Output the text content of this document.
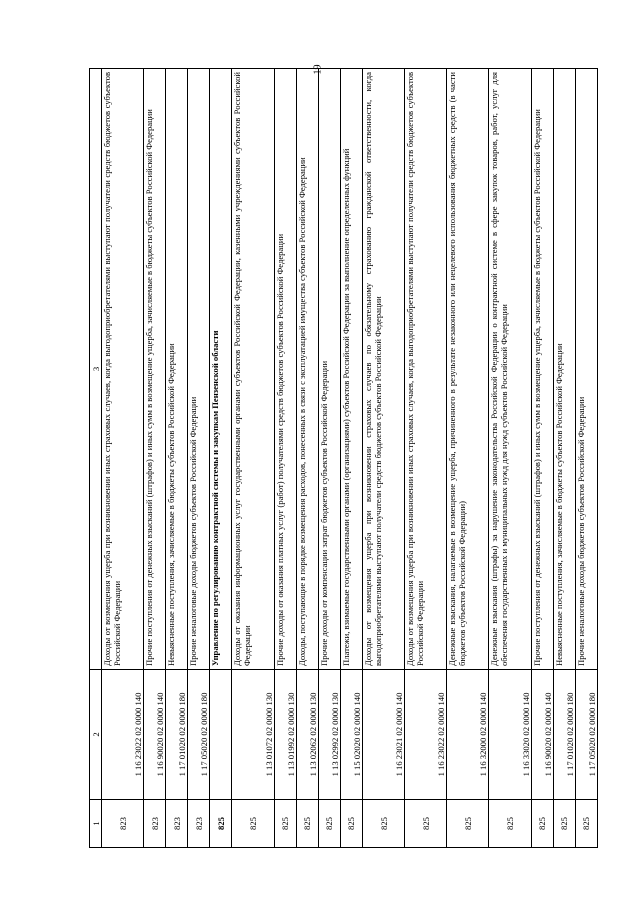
19
1	2	3
823	1 16 23022 02 0000 140	Доходы от возмещения ущерба при возникновении иных страховых случаев, когда выгодоприобретателями выступают получатели средств бюджетов субъектов Российской Федерации
823	1 16 90020 02 0000 140	Прочие поступления от денежных взысканий (штрафов) и иных сумм в возмещение ущерба, зачисляемые в бюджеты субъектов Российской Федерации
823	1 17 01020 02 0000 180	Невыясненные поступления, зачисляемые в бюджеты субъектов Российской Федерации
823	1 17 05020 02 0000 180	Прочие неналоговые доходы бюджетов субъектов Российской Федерации
825		Управление по регулированию контрактной системы и закупкам Пензенской области
825	1 13 01072 02 0000 130	Доходы от оказания информационных услуг государственными органами субъектов Российской Федерации, казенными учреждениями субъектов Российской Федерации
825	1 13 01992 02 0000 130	Прочие доходы от оказания платных услуг (работ) получателями средств бюджетов субъектов Российской Федерации
825	1 13 02062 02 0000 130	Доходы, поступающие в порядке возмещения расходов, понесенных в связи с эксплуатацией имущества субъектов Российской Федерации
825	1 13 02992 02 0000 130	Прочие доходы от компенсации затрат бюджетов субъектов Российской Федерации
825	1 15 02020 02 0000 140	Платежи, взимаемые государственными органами (организациями) субъектов Российской Федерации за выполнение определенных функций
825	1 16 23021 02 0000 140	Доходы от возмещения ущерба при возникновении страховых случаев по обязательному страхованию гражданской ответственности, когда выгодоприобретателями выступают получатели средств бюджетов субъектов Российской Федерации
825	1 16 23022 02 0000 140	Доходы от возмещения ущерба при возникновении иных страховых случаев, когда выгодоприобретателями выступают получатели средств бюджетов субъектов Российской Федерации
825	1 16 32000 02 0000 140	Денежные взыскания, налагаемые в возмещение ущерба, причиненного в результате незаконного или нецелевого использования бюджетных средств (в части бюджетов субъектов Российской Федерации)
825	1 16 33020 02 0000 140	Денежные взыскания (штрафы) за нарушение законодательства Российской Федерации о контрактной системе в сфере закупок товаров, работ, услуг для обеспечения государственных и муниципальных нужд для нужд субъектов Российской Федерации
825	1 16 90020 02 0000 140	Прочие поступления от денежных взысканий (штрафов) и иных сумм в возмещение ущерба, зачисляемые в бюджеты субъектов Российской Федерации
825	1 17 01020 02 0000 180	Невыясненные поступления, зачисляемые в бюджеты субъектов Российской Федерации
825	1 17 05020 02 0000 180	Прочие неналоговые доходы бюджетов субъектов Российской Федерации
